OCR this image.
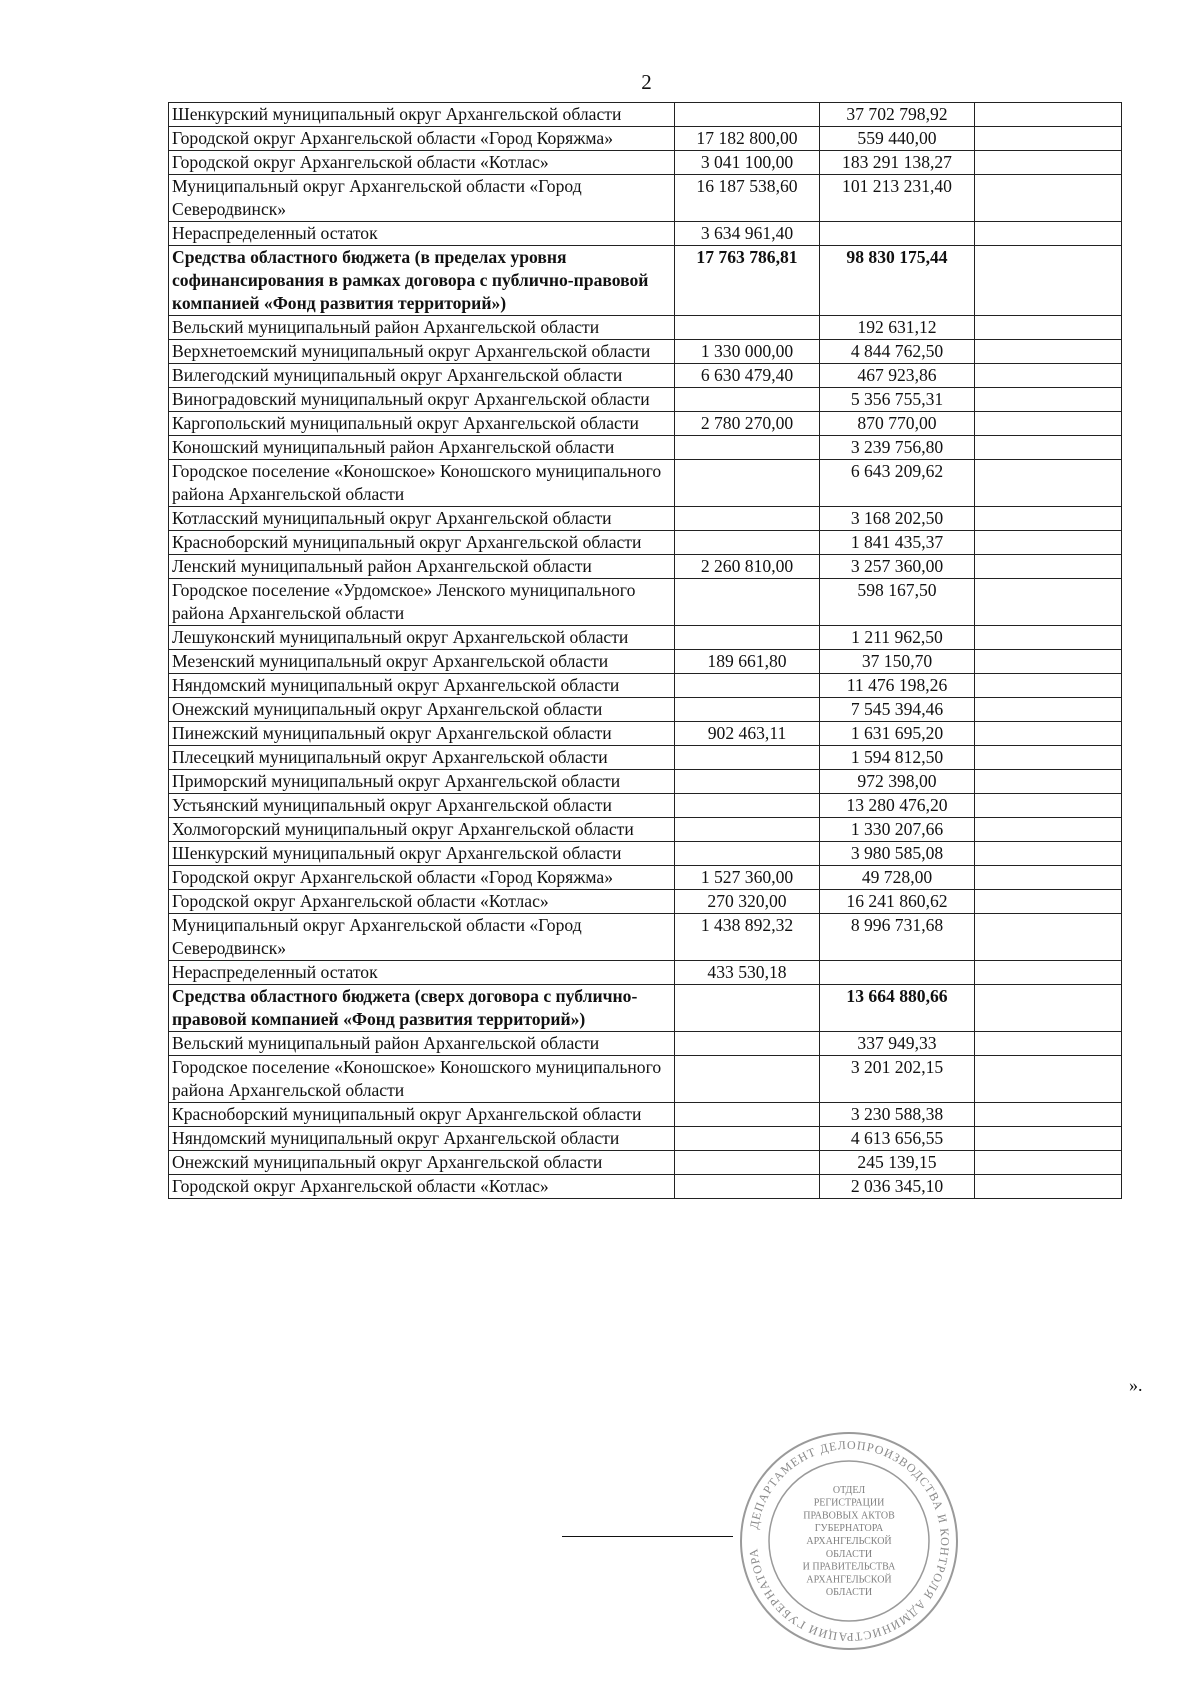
2
Шенкурский муниципальный округ Архангельской области		37 702 798,92	
Городской округ Архангельской области «Город Коряжма»	17 182 800,00	559 440,00	
Городской округ Архангельской области «Котлас»	3 041 100,00	183 291 138,27	
Муниципальный округ Архангельской области «Город Северодвинск»	16 187 538,60	101 213 231,40	
Нераспределенный остаток	3 634 961,40		
Средства областного бюджета (в пределах уровня софинансирования в рамках договора с публично-правовой компанией «Фонд развития территорий»)	17 763 786,81	98 830 175,44	
Вельский муниципальный район Архангельской области		192 631,12	
Верхнетоемский муниципальный округ Архангельской области	1 330 000,00	4 844 762,50	
Вилегодский муниципальный округ Архангельской области	6 630 479,40	467 923,86	
Виноградовский муниципальный округ Архангельской области		5 356 755,31	
Каргопольский муниципальный округ Архангельской области	2 780 270,00	870 770,00	
Коношский муниципальный район Архангельской области		3 239 756,80	
Городское поселение «Коношское» Коношского муниципального района Архангельской области		6 643 209,62	
Котласский муниципальный округ Архангельской области		3 168 202,50	
Красноборский муниципальный округ Архангельской области		1 841 435,37	
Ленский муниципальный район Архангельской области	2 260 810,00	3 257 360,00	
Городское поселение «Урдомское» Ленского муниципального района Архангельской области		598 167,50	
Лешуконский муниципальный округ Архангельской области		1 211 962,50	
Мезенский муниципальный округ Архангельской области	189 661,80	37 150,70	
Няндомский муниципальный округ Архангельской области		11 476 198,26	
Онежский муниципальный округ Архангельской области		7 545 394,46	
Пинежский муниципальный округ Архангельской области	902 463,11	1 631 695,20	
Плесецкий муниципальный округ Архангельской области		1 594 812,50	
Приморский муниципальный округ Архангельской области		972 398,00	
Устьянский муниципальный округ Архангельской области		13 280 476,20	
Холмогорский муниципальный округ Архангельской области		1 330 207,66	
Шенкурский муниципальный округ Архангельской области		3 980 585,08	
Городской округ Архангельской области «Город Коряжма»	1 527 360,00	49 728,00	
Городской округ Архангельской области «Котлас»	270 320,00	16 241 860,62	
Муниципальный округ Архангельской области «Город Северодвинск»	1 438 892,32	8 996 731,68	
Нераспределенный остаток	433 530,18		
Средства областного бюджета (сверх договора с публично-правовой компанией «Фонд развития территорий»)		13 664 880,66	
Вельский муниципальный район Архангельской области		337 949,33	
Городское поселение «Коношское» Коношского муниципального района Архангельской области		3 201 202,15	
Красноборский муниципальный округ Архангельской области		3 230 588,38	
Няндомский муниципальный округ Архангельской области		4 613 656,55	
Онежский муниципальный округ Архангельской области		245 139,15	
Городской округ Архангельской области «Котлас»		2 036 345,10	
».
ДЕПАРТАМЕНТ ДЕЛОПРОИЗВОДСТВА И КОНТРОЛЯ АДМИНИСТРАЦИИ ГУБЕРНАТОРА
ОТДЕЛ
РЕГИСТРАЦИИ
ПРАВОВЫХ АКТОВ
ГУБЕРНАТОРА
АРХАНГЕЛЬСКОЙ
ОБЛАСТИ
И ПРАВИТЕЛЬСТВА
АРХАНГЕЛЬСКОЙ
ОБЛАСТИ
